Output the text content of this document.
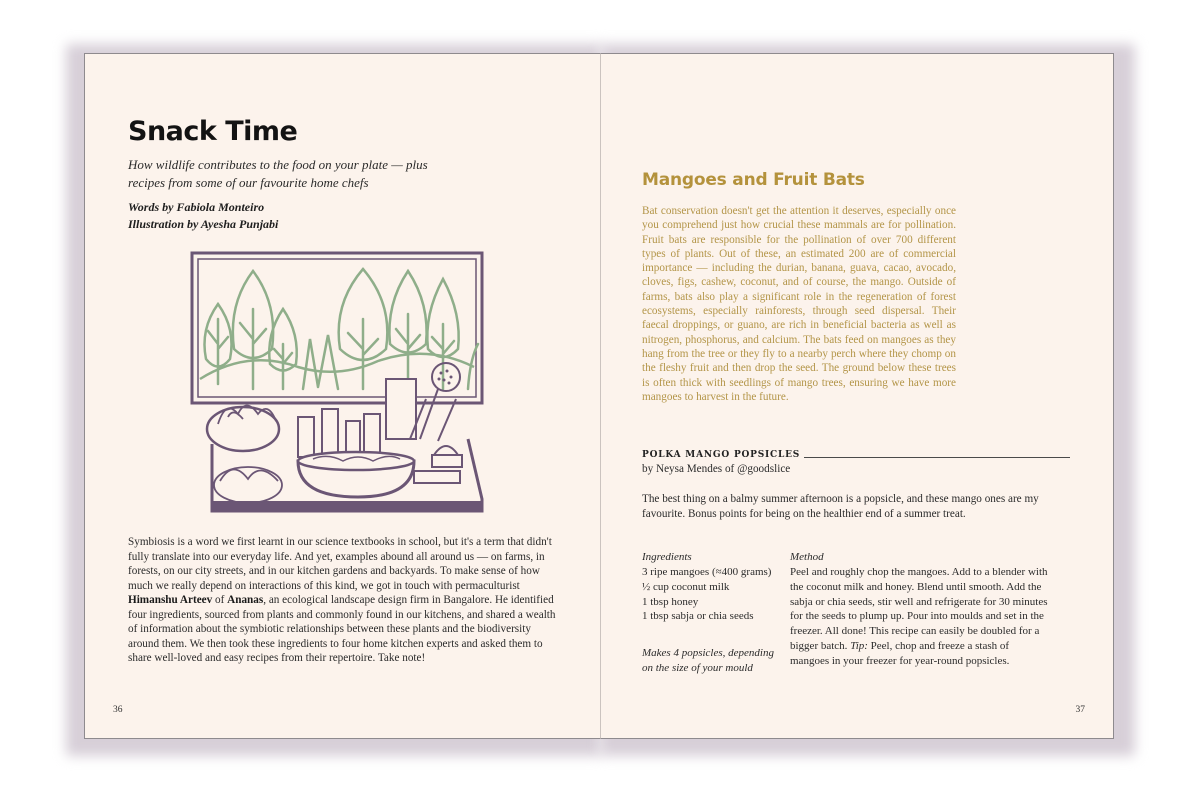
Snack Time

How wildlife contributes to the food on your plate — plus recipes from some of our favourite home chefs

Words by Fabiola Monteiro

Illustration by Ayesha Punjabi

Symbiosis is a word we first learnt in our science textbooks in school, but it's a term that didn't fully translate into our everyday life. And yet, examples abound all around us — on farms, in forests, on our city streets, and in our kitchen gardens and backyards. To make sense of how much we really depend on interactions of this kind, we got in touch with permaculturist Himanshu Arteev of Ananas, an ecological landscape design firm in Bangalore. He identified four ingredients, sourced from plants and commonly found in our kitchens, and shared a wealth of information about the symbiotic relationships between these plants and the biodiversity around them. We then took these ingredients to four home kitchen experts and asked them to share well-loved and easy recipes from their repertoire. Take note!

36

Mangoes and Fruit Bats

Bat conservation doesn't get the attention it deserves, especially once you comprehend just how crucial these mammals are for pollination. Fruit bats are responsible for the pollination of over 700 different types of plants. Out of these, an estimated 200 are of commercial importance — including the durian, banana, guava, cacao, avocado, cloves, figs, cashew, coconut, and of course, the mango. Outside of farms, bats also play a significant role in the regeneration of forest ecosystems, especially rainforests, through seed dispersal. Their faecal droppings, or guano, are rich in beneficial bacteria as well as nitrogen, phosphorus, and calcium. The bats feed on mangoes as they hang from the tree or they fly to a nearby perch where they chomp on the fleshy fruit and then drop the seed. The ground below these trees is often thick with seedlings of mango trees, ensuring we have more mangoes to harvest in the future.

POLKA MANGO POPSICLES

by Neysa Mendes of @goodslice

The best thing on a balmy summer afternoon is a popsicle, and these mango ones are my favourite. Bonus points for being on the healthier end of a summer treat.

Ingredients
3 ripe mangoes (≈400 grams)
½ cup coconut milk
1 tbsp honey
1 tbsp sabja or chia seeds
Makes 4 popsicles, depending on the size of your mould
Method

Peel and roughly chop the mangoes. Add to a blender with the coconut milk and honey. Blend until smooth. Add the sabja or chia seeds, stir well and refrigerate for 30 minutes for the seeds to plump up. Pour into moulds and set in the freezer. All done! This recipe can easily be doubled for a bigger batch. Tip: Peel, chop and freeze a stash of mangoes in your freezer for year-round popsicles.

37
